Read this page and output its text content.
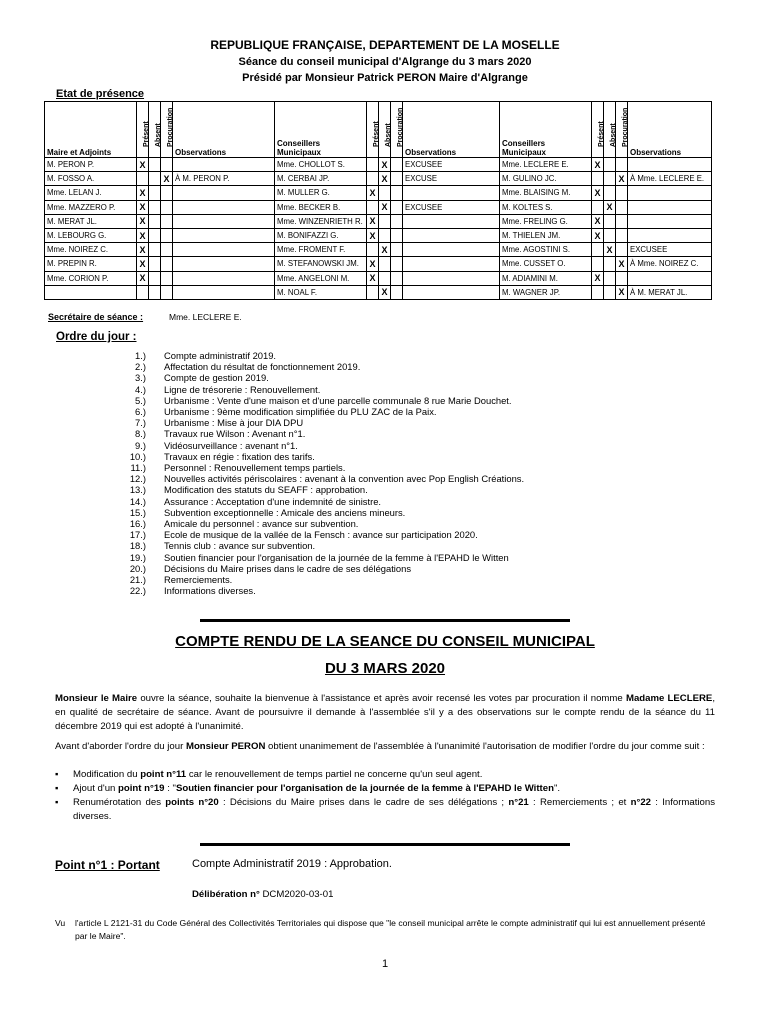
REPUBLIQUE FRANÇAISE, DEPARTEMENT DE LA MOSELLE
Séance du conseil municipal d'Algrange du 3 mars 2020
Présidé par Monsieur Patrick PERON Maire d'Algrange
Etat de présence
Maire et Adjoints	Présent	Absent	Procuration	Observations	Conseillers Municipaux	Présent	Absent	Procuration	Observations	Conseillers Municipaux	Présent	Absent	Procuration	Observations
M. PERON P.	X				Mme. CHOLLOT S.		X		EXCUSEE	Mme. LECLERE E.	X			
M. FOSSO A.			X	À M. PERON P.	M. CERBAI JP.		X		EXCUSE	M. GULINO JC.			X	À Mme. LECLERE E.
Mme. LELAN J.	X				M. MULLER G.	X				Mme. BLAISING M.	X			
Mme. MAZZERO P.	X				Mme. BECKER B.		X		EXCUSEE	M. KOLTES S.		X		
M. MERAT JL.	X				Mme. WINZENRIETH R.	X				Mme. FRELING G.	X			
M. LEBOURG G.	X				M. BONIFAZZI G.	X				M. THIELEN JM.	X			
Mme. NOIREZ C.	X				Mme. FROMENT F.		X			Mme. AGOSTINI S.		X		EXCUSEE
M. PREPIN R.	X				M. STEFANOWSKI JM.	X				Mme. CUSSET O.			X	À Mme. NOIREZ C.
Mme. CORION P.	X				Mme. ANGELONI M.	X				M. ADIAMINI M.	X			
					M. NOAL F.		X			M. WAGNER JP.			X	À M. MERAT JL.
Secrétaire de séance :	Mme. LECLERE E.
Ordre du jour :
1.) Compte administratif 2019.
2.) Affectation du résultat de fonctionnement 2019.
3.) Compte de gestion 2019.
4.) Ligne de trésorerie : Renouvellement.
5.) Urbanisme : Vente d'une maison et d'une parcelle communale 8 rue Marie Douchet.
6.) Urbanisme : 9ème modification simplifiée du PLU ZAC de la Paix.
7.) Urbanisme : Mise à jour DIA DPU
8.) Travaux rue Wilson : Avenant n°1.
9.) Vidéosurveillance : avenant n°1.
10.) Travaux en régie : fixation des tarifs.
11.) Personnel : Renouvellement temps partiels.
12.) Nouvelles activités périscolaires : avenant à la convention avec Pop English Créations.
13.) Modification des statuts du SEAFF : approbation.
14.) Assurance : Acceptation d'une indemnité de sinistre.
15.) Subvention exceptionnelle : Amicale des anciens mineurs.
16.) Amicale du personnel : avance sur subvention.
17.) Ecole de musique de la vallée de la Fensch : avance sur participation 2020.
18.) Tennis club : avance sur subvention.
19.) Soutien financier pour l'organisation de la journée de la femme à l'EPAHD le Witten
20.) Décisions du Maire prises dans le cadre de ses délégations
21.) Remerciements.
22.) Informations diverses.
COMPTE RENDU DE LA SEANCE DU CONSEIL MUNICIPAL
DU 3 MARS 2020
Monsieur le Maire ouvre la séance, souhaite la bienvenue à l'assistance et après avoir recensé les votes par procuration il nomme Madame LECLERE, en qualité de secrétaire de séance. Avant de poursuivre il demande à l'assemblée s'il y a des observations sur le compte rendu de la séance du 11 décembre 2019 qui est adopté à l'unanimité.
Avant d'aborder l'ordre du jour Monsieur PERON obtient unanimement de l'assemblée à l'unanimité l'autorisation de modifier l'ordre du jour comme suit :
▪	Modification du point n°11 car le renouvellement de temps partiel ne concerne qu'un seul agent.
▪	Ajout d'un point n°19 : "Soutien financier pour l'organisation de la journée de la femme à l'EPAHD le Witten".
▪	Renumérotation des points n°20 : Décisions du Maire prises dans le cadre de ses délégations ; n°21 : Remerciements ; et n°22 : Informations diverses.
Point n°1 : Portant	Compte Administratif 2019 : Approbation.
Délibération n° DCM2020-03-01
Vu	l'article L 2121-31 du Code Général des Collectivités Territoriales qui dispose que "le conseil municipal arrête le compte administratif qui lui est annuellement présenté par le Maire".
1
